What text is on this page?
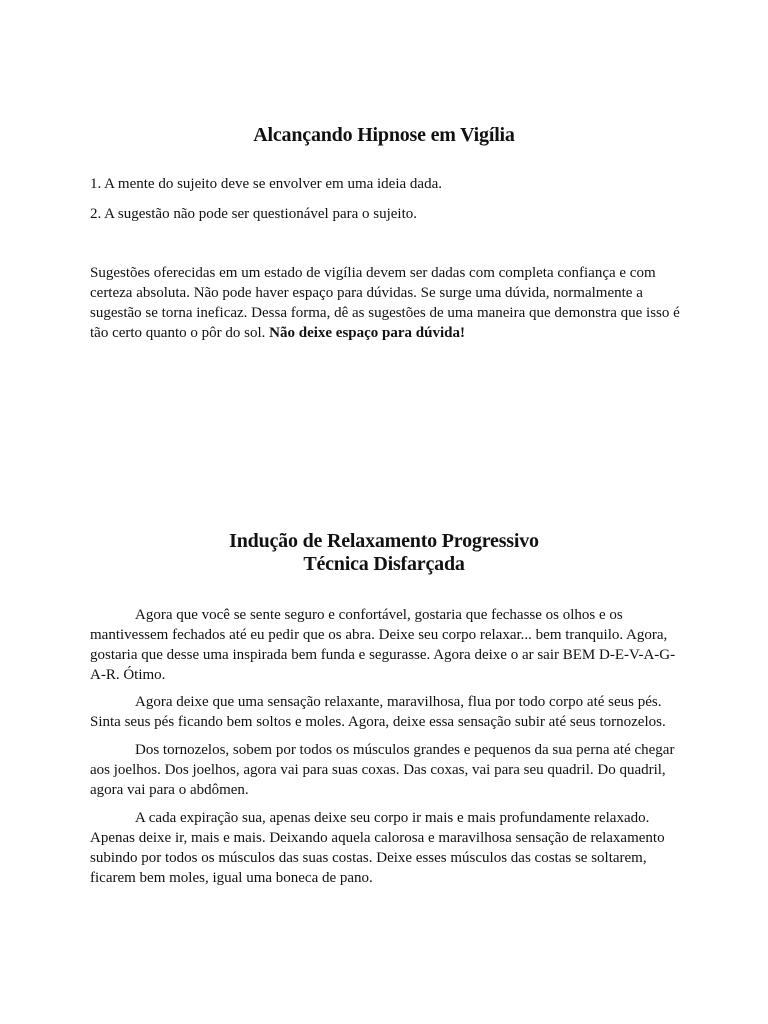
Alcançando Hipnose em Vigília

1. A mente do sujeito deve se envolver em uma ideia dada.

2. A sugestão não pode ser questionável para o sujeito.

Sugestões oferecidas em um estado de vigília devem ser dadas com completa confiança e com certeza absoluta. Não pode haver espaço para dúvidas. Se surge uma dúvida, normalmente a sugestão se torna ineficaz. Dessa forma, dê as sugestões de uma maneira que demonstra que isso é tão certo quanto o pôr do sol. Não deixe espaço para dúvida!

Indução de Relaxamento Progressivo
Técnica Disfarçada

Agora que você se sente seguro e confortável, gostaria que fechasse os olhos e os mantivessem fechados até eu pedir que os abra. Deixe seu corpo relaxar... bem tranquilo. Agora, gostaria que desse uma inspirada bem funda e segurasse. Agora deixe o ar sair BEM D-E-V-A-G-A-R. Ótimo.

Agora deixe que uma sensação relaxante, maravilhosa, flua por todo corpo até seus pés. Sinta seus pés ficando bem soltos e moles. Agora, deixe essa sensação subir até seus tornozelos.

Dos tornozelos, sobem por todos os músculos grandes e pequenos da sua perna até chegar aos joelhos. Dos joelhos, agora vai para suas coxas. Das coxas, vai para seu quadril. Do quadril, agora vai para o abdômen.

A cada expiração sua, apenas deixe seu corpo ir mais e mais profundamente relaxado. Apenas deixe ir, mais e mais. Deixando aquela calorosa e maravilhosa sensação de relaxamento subindo por todos os músculos das suas costas. Deixe esses músculos das costas se soltarem, ficarem bem moles, igual uma boneca de pano.
